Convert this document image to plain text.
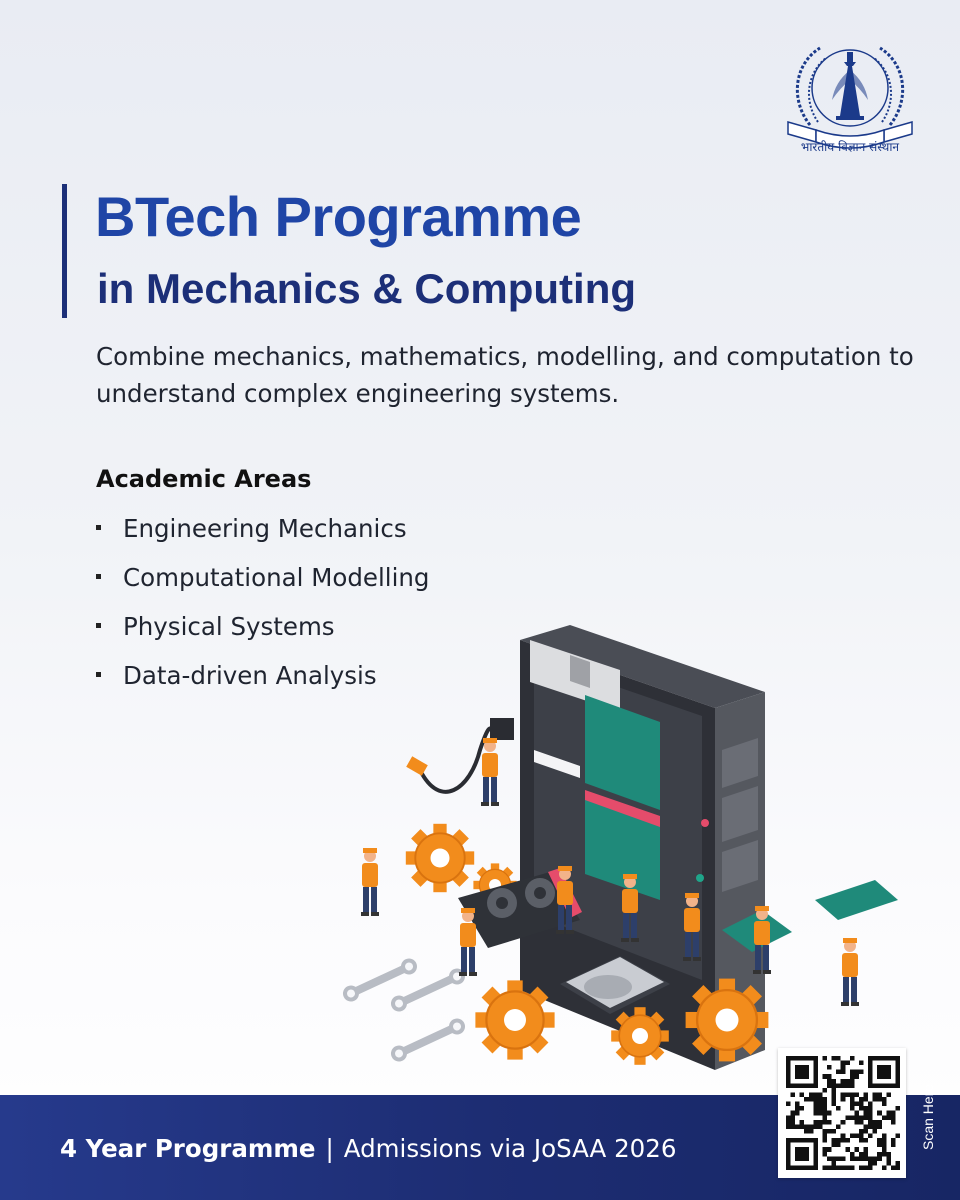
भारतीय विज्ञान संस्थान
BTech Programme
in Mechanics & Computing

Combine mechanics, mathematics, modelling, and computation to understand complex engineering systems.

Academic Areas
Engineering Mechanics
Computational Modelling
Physical Systems
Data-driven Analysis

4 Year Programme | Admissions via JoSAA 2026	Scan Here
